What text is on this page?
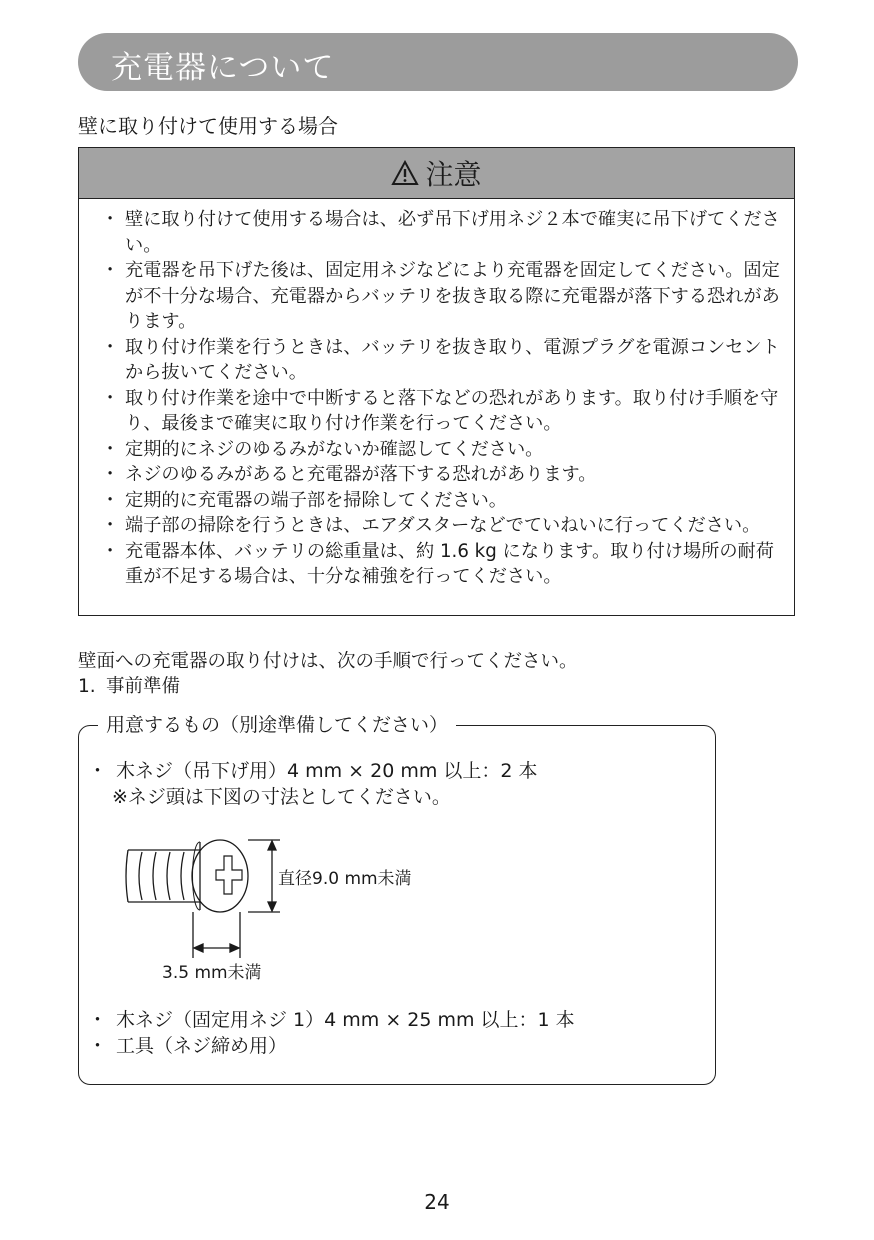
充電器について
壁に取り付けて使用する場合
注意
・ 壁に取り付けて使用する場合は、必ず吊下げ用ネジ２本で確実に吊下げてください。
・ 充電器を吊下げた後は、固定用ネジなどにより充電器を固定してください。固定が不十分な場合、充電器からバッテリを抜き取る際に充電器が落下する恐れがあります。
・ 取り付け作業を行うときは、バッテリを抜き取り、電源プラグを電源コンセントから抜いてください。
・ 取り付け作業を途中で中断すると落下などの恐れがあります。取り付け手順を守り、最後まで確実に取り付け作業を行ってください。
・ 定期的にネジのゆるみがないか確認してください。
・ ネジのゆるみがあると充電器が落下する恐れがあります。
・ 定期的に充電器の端子部を掃除してください。
・ 端子部の掃除を行うときは、エアダスターなどでていねいに行ってください。
・ 充電器本体、バッテリの総重量は、約 1.6 kg になります。取り付け場所の耐荷重が不足する場合は、十分な補強を行ってください。
壁面への充電器の取り付けは、次の手順で行ってください。
1. 事前準備
用意するもの（別途準備してください）
・ 木ネジ（吊下げ用）4 mm × 20 mm 以上：2 本
※ネジ頭は下図の寸法としてください。
直径9.0 mm未満
3.5 mm未満
・ 木ネジ（固定用ネジ 1）4 mm × 25 mm 以上：1 本
・ 工具（ネジ締め用）
24
